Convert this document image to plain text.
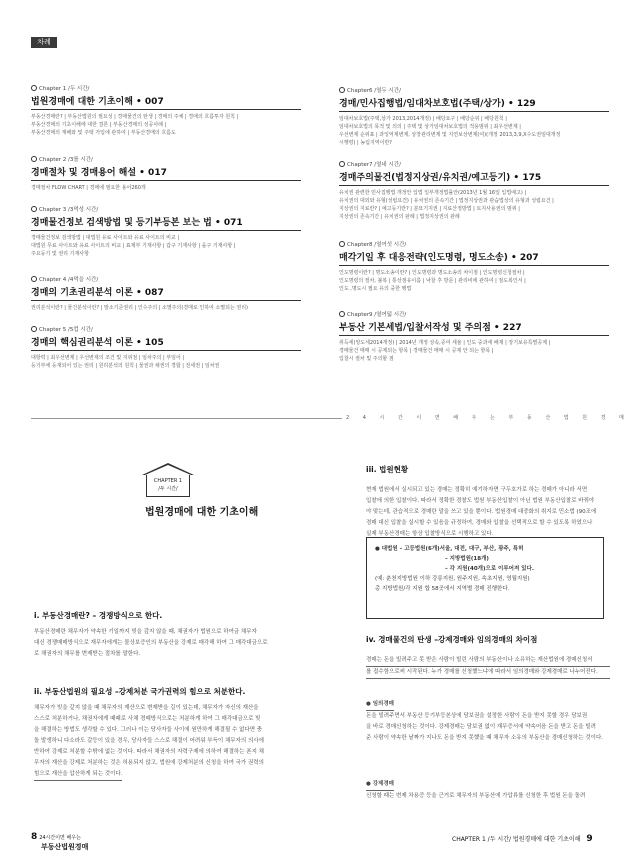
차례
Chapter 1 /두 시간/
법원경매에 대한 기초이해 • 007
부동산경매란? | 부동산법원의 필요성 | 경매물건의 탄생 | 경매의 주체 | 경매의 흐름투자 원칙 |
부동산경매의 기초이해에 대한 결론 | 부동산경매의 성공사례 |
부동산경매의 재배와 및 주택 가입에 관하여 | 부동산경매의 흐름도
Chapter 2 /3를 시간/
경매절차 및 경매용어 해설 • 017
경매절차 FLOW CHART | 경매에 필요한 용어260개
Chapter 3 /3먹성 시간/
경매물건정보 검색방법 및 등기부등본 보는 법 • 071
경매물건정보 검색방법 | 대법원 유료 사이트와 유료 사이트의 비교 |
대법원 무료 사이트와 유료 사이트의 비교 | 표제부 기재사항 | 갑구 기재사항 | 을구 기재사항 |
주요등기 및 권리 기재사항
Chapter 4 /4먹을 시간/
경매의 기초권리분석 이론 • 087
권리분석이란? | 물건분석이란? | 말소기준권리 | 인수주의 | 소멸주의(경매로 인하여 소멸되는 권리)
Chapter 5 /5컵 시간/
경매의 핵심권리분석 이론 • 105
대항력 | 최우선변제 | 우선변제의 조건 및 지위점 | 임차주의 | 부임어 |
등기부에 등재되어 있는 권리 | 원리분석의 원칙 | 물권과 채권의 경합 | 전세권 | 임차권
Chapter6 /열두 시간/
경매/민사집행법/임대차보호법(주택/상가) • 129
임대차보호법(주택,상가 2013,2014개정) | 배당요구 | 배당순위 | 배당원칙 |
임대차보호법의 목적 및 의의 | 주택 및 상가임대차보호법의 적용범위 | 최우선변제 |
우선변제 순위표 | 과잉억제변제, 상장관리변제 및 지연보상변제(여)(개정 2013,3,9,X수도권임대개정
시행령) | 농림지역이란?
Chapter7 /열네 시간/
경매주의물건(법정지상권/유치권/예고등기) • 175
유치권 관련한 민사집행법 개정안 입법 일부개정법률안(2013년 1월 16일 입법예고) |
유치권의 대외와 유형(성립요건) | 유치권의 존속기간 | 법정지상권과 관습법상의 유형과 성립요건 |
지상권의 지료란? | 예고등기란? | 분묘기지권 | 지료산정방법 | 토지사용권의 범위 |
지상권의 존속기간 | 유치권의 판례 | 법정지상권의 판례
Chapter8 /열여섯 시간/
매각기일 후 대응전략(인도명령, 명도소송) • 207
인도명령이란? | 명도소송이란? | 인도명령과 명도소송의 차이점 | 인도명령신청절차 |
인도명령의 절차, 불복 | 통상점유이름 | 낙찰 후 방문 | 관리비에 관하여 | 점도복인서 |
인도 ,명도시 필요 유의 중한 행법
Chapter9 /열여덟 시간/
부동산 기본세법/입찰서작성 및 주의점 • 227
취득세(양도세2014개정) | 2014년 개정 상속,증여 세율 | 인도 중과세 배제 | 장기보유특별공제 |
경매물건 매매 시 공제되는 항목 | 경매물건 매매 시 공제 안 되는 항목 |
입찰시 절차 및 주의할 점
2 4 시 간 이 면 배 우 는 부 동 산 법 원 경 매
CHAPTER 1
/두 시간/
법원경매에 대한 기초이해
i. 부동산경매란? – 경쟁방식으로 한다.
부동산경매란 채무자가 약속한 기일까지 빚을 갚지 않을 때, 채권자가 법원으로 하여금 채무자
대신 경쟁매매방식으로 재무자에게는 물상보증인의 부동산을 강제로 매각해 하여 그 매각대금으로
로 채권자의 채무를 변제받는 절차를 말한다.
ii. 부동산법원의 필요성 –강제처분 국가권력의 힘으로 처분한다.
채무자가 빚을 갚지 않을 때 채무자의 재산으로 변제받을 길이 있는데, 채무자가 자신의 재산을
스스로 처분하거나, 채권자에게 때때로 사채 경매방식으로는 처분하게 하여 그 매각대금으로 빚
을 해결하는 방법도 생각할 수 있다. 그러나 이는 당사자들 사이에 원만하게 해결될 수 없다면 충
돌 발생하니 다소라도 갈등이 있을 경우, 당사자들 스스로 해결이 어려워 부득이 채무자의 의사에
반하여 강제로 처분할 수밖에 없는 것이다. 따라서 채권자의 자력구제에 의하여 해결하는 폰지 채
무자의 재산을 강제로 처분하는 것은 허용되지 않고, 법원에 강제처분의 신청을 하여 국가 권력의
힘으로 재산을 압산하게 되는 것이다.
iii. 법원현황
현재 법원에서 실시되고 있는 경매는 정확히 예기하자면 구두호가로 하는 경매가 아니라 서면
입찰에 의한 입찰이다. 따라서 정확한 경찰도 법원 부동산입찰이 아닌 법원 부동산입찰로 바꿔야
야 맞는데, 관습적으로 경매란 말을 쓰고 있을 뿐이다. 법원경매 대중화의 취지로 민소법 (90조에
경매 대신 입찰을 실시할 수 있음을 규정하여, 경매와 입찰을 선택적으로 할 수 있도록 하였으나
실제 부동산경매는 항상 입찰방식으로 시행하고 있다.
● 대법원 – 고등법원(6개)서울, 대전, 대구, 부산, 광주, 특허
– 지방법원(18개)
– 각 지원(40개)으로 이루어져 있다.
(예: 춘천지방법원 이하 강릉지원, 원주지원, 속초지원, 영월지원)
총 지방법원/각 지원 합 58곳에서 지역별 경매 진행한다.
iv. 경매물건의 탄생 –강제경매와 임의경매의 차이점
경매는 돈을 빌려주고 못 받은 사람이 빌린 사람의 부동산이나 소유하는 재산법원에 경매신청서
를 접수함으로써 시작된다. 누가 경매를 신청했느냐에 따라서 임의경매와 강제경매로 나누어진다.
● 임의경매
돈을 빌려주면서 부동산 등기부등본상에 담보권을 설정한 사람이 돈을 받지 못할 경우 담보권
을 바로 경매신청하는 것이다. 강제경매는 담보권 없이 재무증서에 약속어음 돈을 받고 돈을 빌려
준 사람이 약속한 날짜가 지나도 돈을 받지 못했을 때 채무자 소유의 부동산을 경매신청하는 것이다.
● 강제경매
신청할 때는 변제 차용증 등을 근거로 채무자의 부동산에 가압류를 신청한 후 법원 돈을 돌려
8 24시간이면 배우는
부동산법원경매
CHAPTER 1 /두 시간/ 법원경매에 대한 기초이해 9
